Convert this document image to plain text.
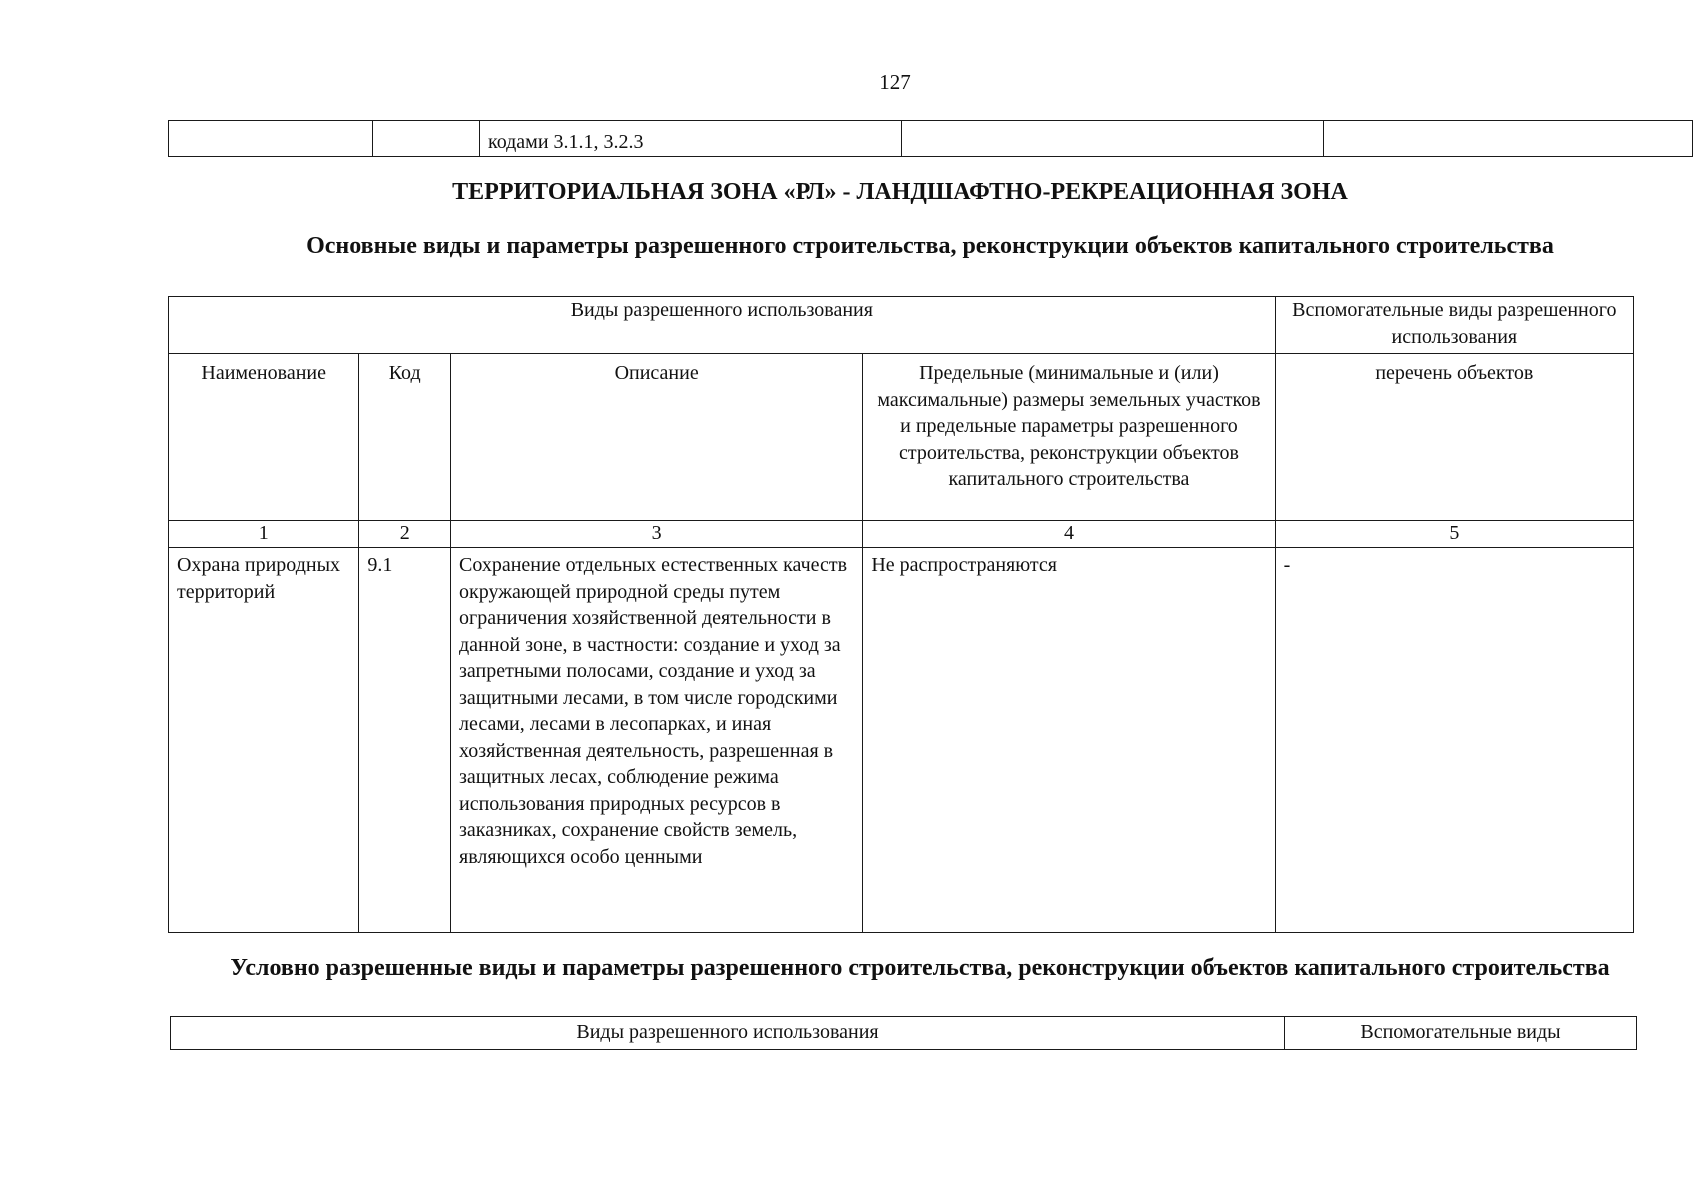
127
		кодами 3.1.1, 3.2.3		
ТЕРРИТОРИАЛЬНАЯ ЗОНА «РЛ» - ЛАНДШАФТНО-РЕКРЕАЦИОННАЯ ЗОНА
Основные виды и параметры разрешенного строительства, реконструкции объектов капитального строительства
Виды разрешенного использования				Вспомогательные виды разрешенного использования
Наименование	Код	Описание	Предельные (минимальные и (или) максимальные) размеры земельных участков и предельные параметры разрешенного строительства, реконструкции объектов капитального строительства	перечень объектов
1	2	3	4	5
Охрана природных территорий	9.1	Сохранение отдельных естественных качеств окружающей природной среды путем ограничения хозяйственной деятельности в данной зоне, в частности: создание и уход за запретными полосами, создание и уход за защитными лесами, в том числе городскими лесами, лесами в лесопарках, и иная хозяйственная деятельность, разрешенная в защитных лесах, соблюдение режима использования природных ресурсов в заказниках, сохранение свойств земель, являющихся особо ценными	Не распространяются	-
Условно разрешенные виды и параметры разрешенного строительства, реконструкции объектов капитального строительства
Виды разрешенного использования	Вспомогательные виды
